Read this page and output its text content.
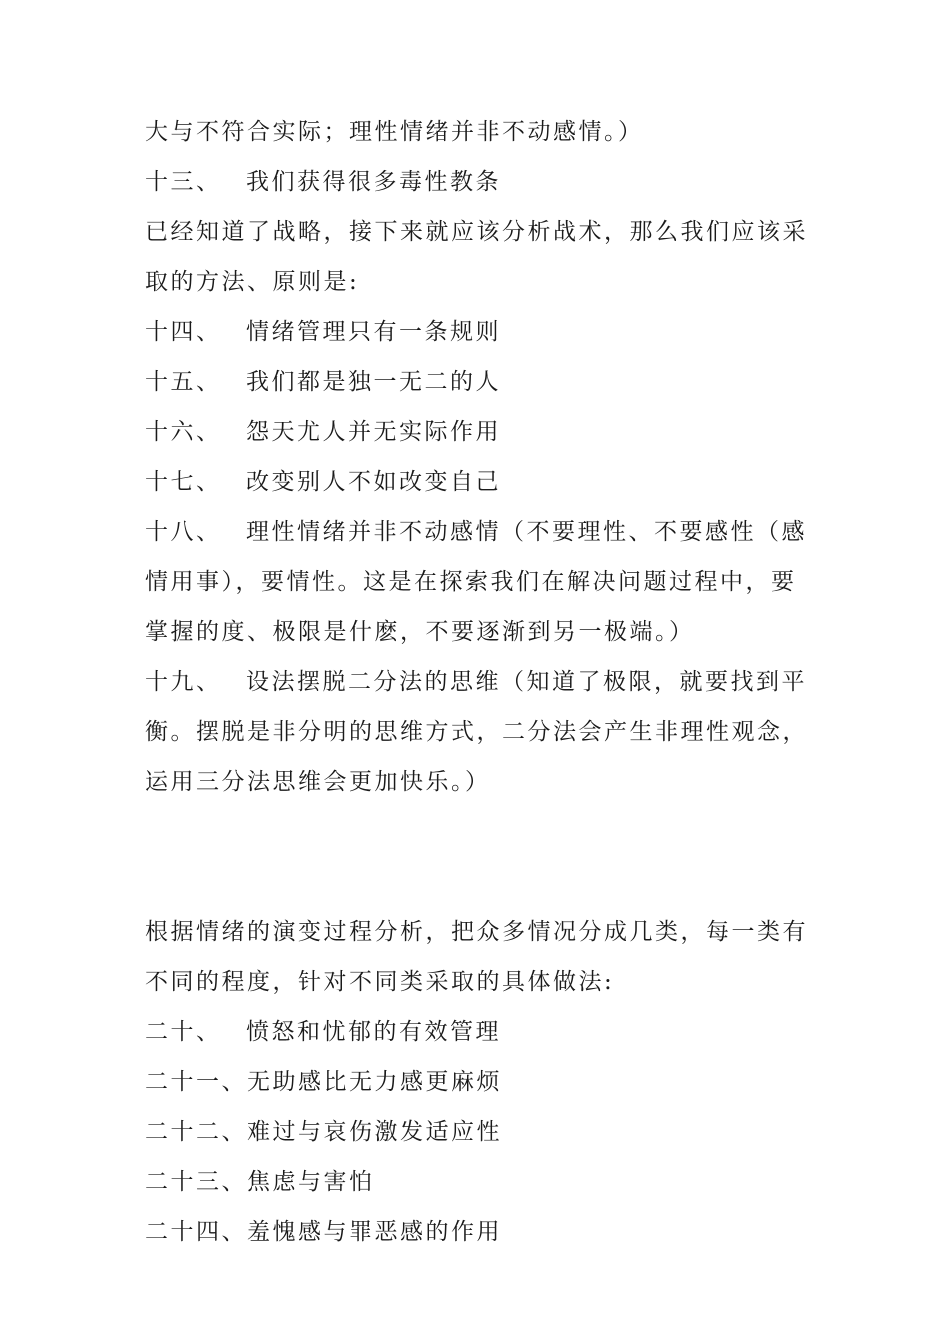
大与不符合实际；理性情绪并非不动感情。）
十三、 我们获得很多毒性教条
已经知道了战略，接下来就应该分析战术，那么我们应该采
取的方法、原则是:
十四、 情绪管理只有一条规则
十五、 我们都是独一无二的人
十六、 怨天尤人并无实际作用
十七、 改变别人不如改变自己
十八、 理性情绪并非不动感情（不要理性、不要感性（感
情用事），要情性。这是在探索我们在解决问题过程中，要
掌握的度、极限是什麽，不要逐渐到另一极端。）
十九、 设法摆脱二分法的思维（知道了极限，就要找到平
衡。摆脱是非分明的思维方式，二分法会产生非理性观念，
运用三分法思维会更加快乐。）
根据情绪的演变过程分析，把众多情况分成几类，每一类有
不同的程度，针对不同类采取的具体做法:
二十、 愤怒和忧郁的有效管理
二十一、无助感比无力感更麻烦
二十二、难过与哀伤激发适应性
二十三、焦虑与害怕
二十四、羞愧感与罪恶感的作用
